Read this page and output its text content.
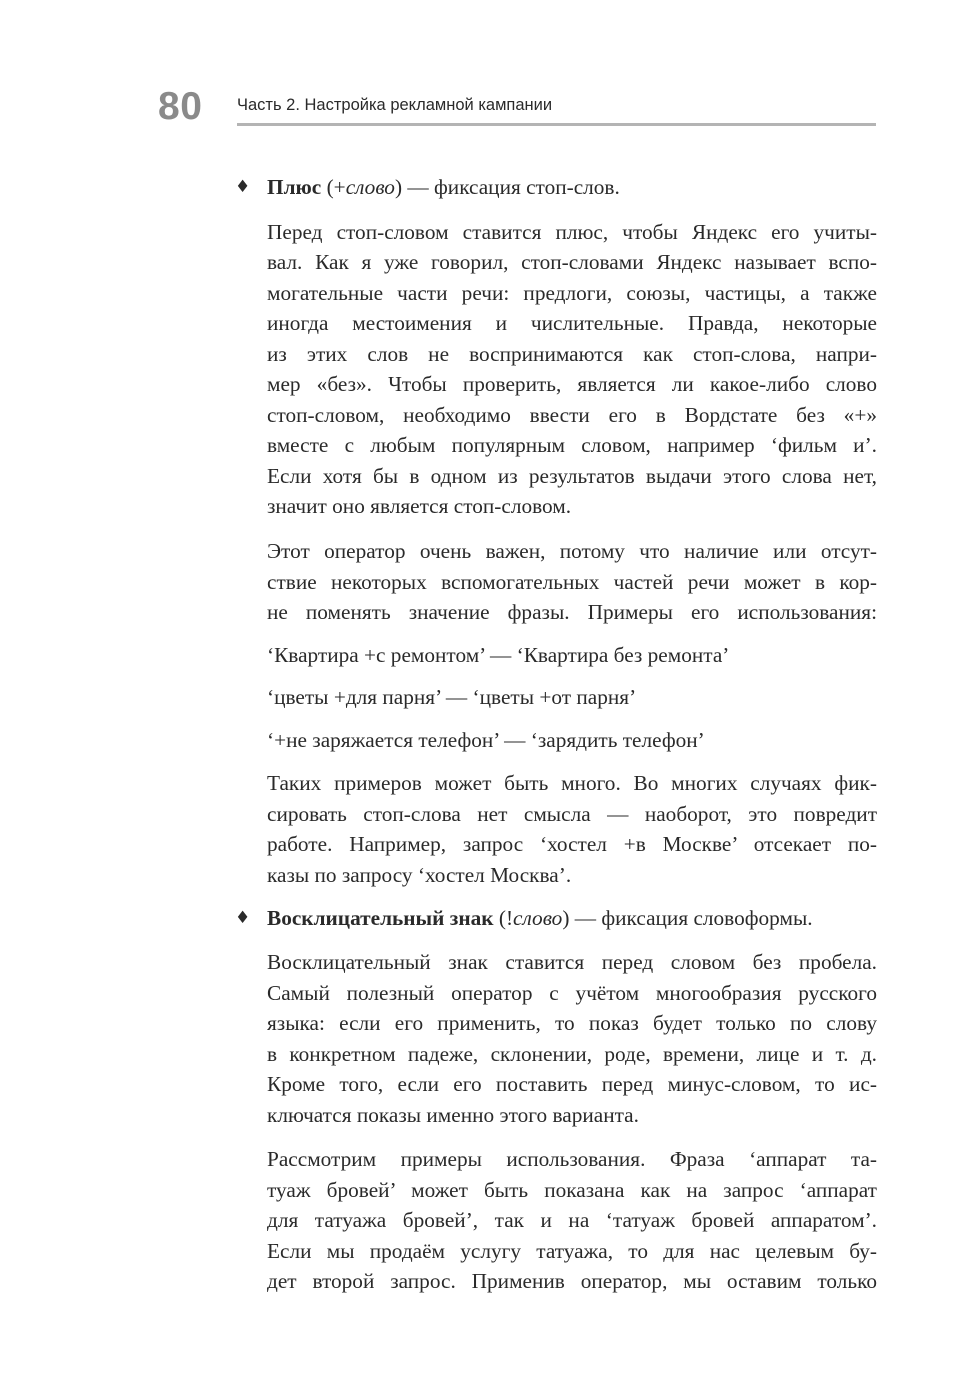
80 Часть 2. Настройка рекламной кампании
♦ Плюс (+слово) — фиксация стоп-слов.
Перед стоп-словом ставится плюс, чтобы Яндекс его учиты-
вал. Как я уже говорил, стоп-словами Яндекс называет вспо-
могательные части речи: предлоги, союзы, частицы, а также
иногда местоимения и числительные. Правда, некоторые
из этих слов не воспринимаются как стоп-слова, напри-
мер «без». Чтобы проверить, является ли какое-либо слово
стоп-словом, необходимо ввести его в Вордстате без «+»
вместе с любым популярным словом, например ‘фильм и’.
Если хотя бы в одном из результатов выдачи этого слова нет,
значит оно является стоп-словом.
Этот оператор очень важен, потому что наличие или отсут-
ствие некоторых вспомогательных частей речи может в кор-
не поменять значение фразы. Примеры его использования:
‘Квартира +с ремонтом’ — ‘Квартира без ремонта’
‘цветы +для парня’ — ‘цветы +от парня’
‘+не заряжается телефон’ — ‘зарядить телефон’
Таких примеров может быть много. Во многих случаях фик-
сировать стоп-слова нет смысла — наоборот, это повредит
работе. Например, запрос ‘хостел +в Москве’ отсекает по-
казы по запросу ‘хостел Москва’.
♦ Восклицательный знак (!слово) — фиксация словоформы.
Восклицательный знак ставится перед словом без пробела.
Самый полезный оператор с учётом многообразия русского
языка: если его применить, то показ будет только по слову
в конкретном падеже, склонении, роде, времени, лице и т. д.
Кроме того, если его поставить перед минус-словом, то ис-
ключатся показы именно этого варианта.
Рассмотрим примеры использования. Фраза ‘аппарат та-
туаж бровей’ может быть показана как на запрос ‘аппарат
для татуажа бровей’, так и на ‘татуаж бровей аппаратом’.
Если мы продаём услугу татуажа, то для нас целевым бу-
дет второй запрос. Применив оператор, мы оставим только
